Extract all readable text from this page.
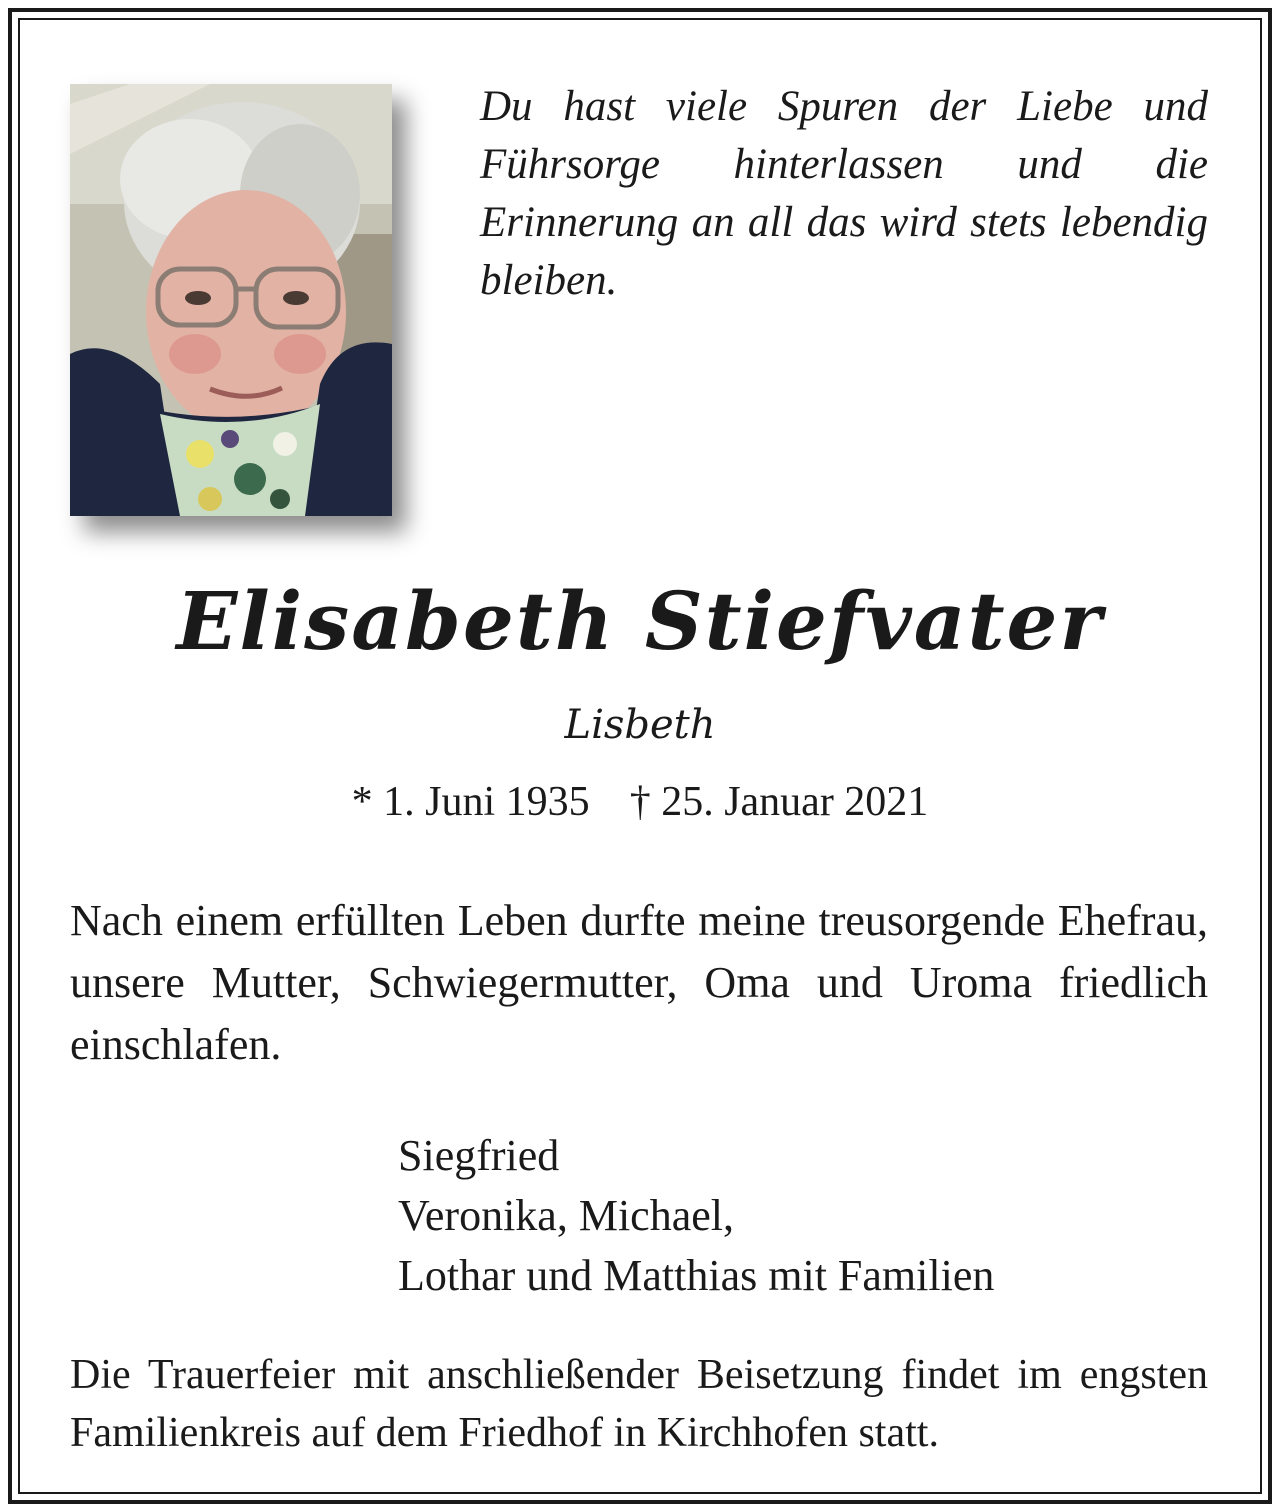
Du hast viele Spuren der Liebe und Führsorge hinterlassen und die Erinnerung an all das wird stets lebendig bleiben.

Elisabeth Stiefvater

Lisbeth

* 1. Juni 1935 † 25. Januar 2021

Nach einem erfüllten Leben durfte meine treusorgende Ehefrau, unsere Mutter, Schwiegermutter, Oma und Uroma friedlich einschlafen.

Siegfried
Veronika, Michael,
Lothar und Matthias mit Familien

Die Trauerfeier mit anschließender Beisetzung findet im engsten Familienkreis auf dem Friedhof in Kirchhofen statt.
